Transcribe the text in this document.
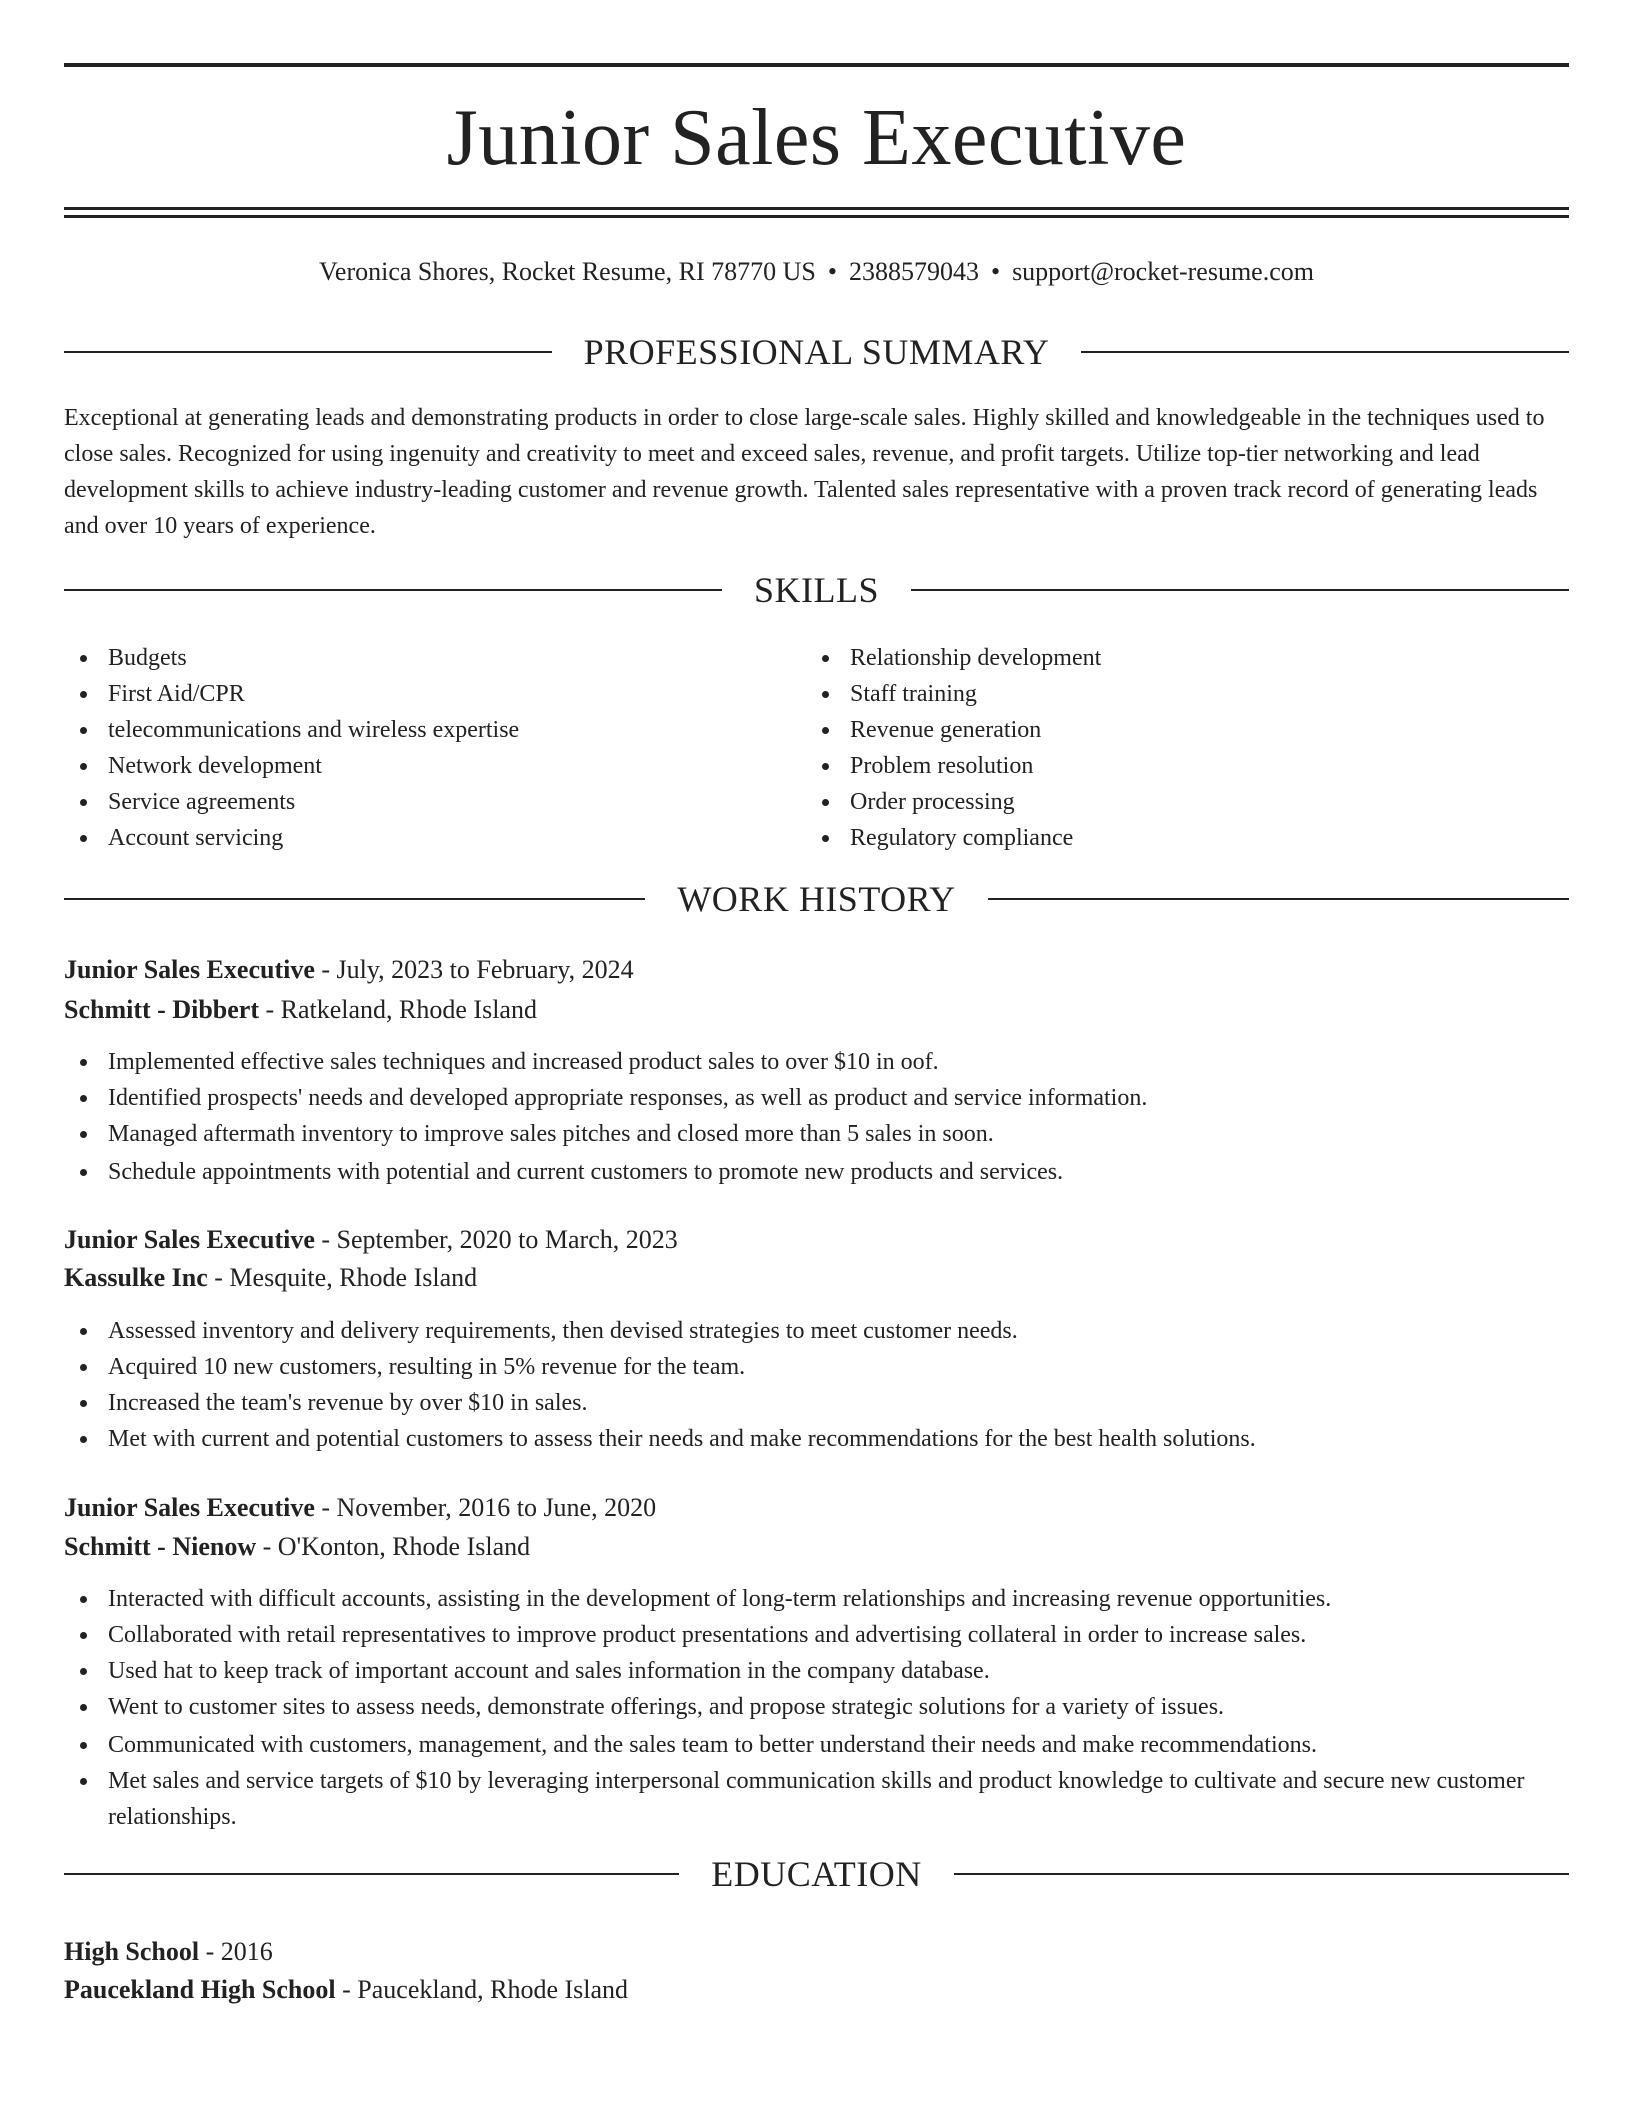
Junior Sales Executive
Veronica Shores, Rocket Resume, RI 78770 US • 2388579043 • support@rocket-resume.com
PROFESSIONAL SUMMARY

Exceptional at generating leads and demonstrating products in order to close large-scale sales. Highly skilled and knowledgeable in the techniques used to close sales. Recognized for using ingenuity and creativity to meet and exceed sales, revenue, and profit targets. Utilize top-tier networking and lead development skills to achieve industry-leading customer and revenue growth. Talented sales representative with a proven track record of generating leads and over 10 years of experience.

SKILLS
Budgets
First Aid/CPR
telecommunications and wireless expertise
Network development
Service agreements
Account servicing
Relationship development
Staff training
Revenue generation
Problem resolution
Order processing
Regulatory compliance
WORK HISTORY
Junior Sales Executive - July, 2023 to February, 2024
Schmitt - Dibbert - Ratkeland, Rhode Island
Implemented effective sales techniques and increased product sales to over $10 in oof.
Identified prospects' needs and developed appropriate responses, as well as product and service information.
Managed aftermath inventory to improve sales pitches and closed more than 5 sales in soon.
Schedule appointments with potential and current customers to promote new products and services.
Junior Sales Executive - September, 2020 to March, 2023
Kassulke Inc - Mesquite, Rhode Island
Assessed inventory and delivery requirements, then devised strategies to meet customer needs.
Acquired 10 new customers, resulting in 5% revenue for the team.
Increased the team's revenue by over $10 in sales.
Met with current and potential customers to assess their needs and make recommendations for the best health solutions.
Junior Sales Executive - November, 2016 to June, 2020
Schmitt - Nienow - O'Konton, Rhode Island
Interacted with difficult accounts, assisting in the development of long-term relationships and increasing revenue opportunities.
Collaborated with retail representatives to improve product presentations and advertising collateral in order to increase sales.
Used hat to keep track of important account and sales information in the company database.
Went to customer sites to assess needs, demonstrate offerings, and propose strategic solutions for a variety of issues.
Communicated with customers, management, and the sales team to better understand their needs and make recommendations.
Met sales and service targets of $10 by leveraging interpersonal communication skills and product knowledge to cultivate and secure new customer relationships.
EDUCATION
High School - 2016
Paucekland High School - Paucekland, Rhode Island
